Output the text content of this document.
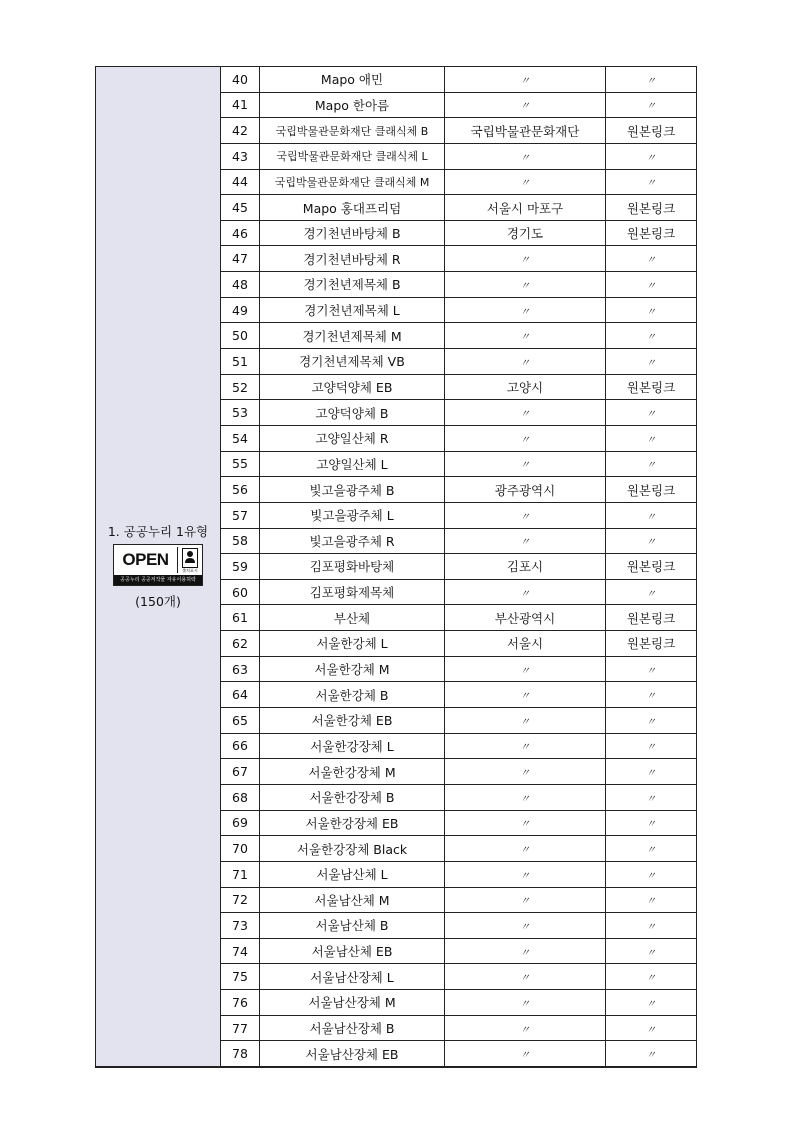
1. 공공누리 1유형
OPEN
출처표시
공공누리 공공저작물 자유이용허락
(150개)	40	Mapo 애민	〃	〃
	41	Mapo 한아름	〃	〃
	42	국립박물관문화재단 클래식체 B	국립박물관문화재단	원본링크
	43	국립박물관문화재단 클래식체 L	〃	〃
	44	국립박물관문화재단 클래식체 M	〃	〃
	45	Mapo 홍대프리덤	서울시 마포구	원본링크
	46	경기천년바탕체 B	경기도	원본링크
	47	경기천년바탕체 R	〃	〃
	48	경기천년제목체 B	〃	〃
	49	경기천년제목체 L	〃	〃
	50	경기천년제목체 M	〃	〃
	51	경기천년제목체 VB	〃	〃
	52	고양덕양체 EB	고양시	원본링크
	53	고양덕양체 B	〃	〃
	54	고양일산체 R	〃	〃
	55	고양일산체 L	〃	〃
	56	빛고을광주체 B	광주광역시	원본링크
	57	빛고을광주체 L	〃	〃
	58	빛고을광주체 R	〃	〃
	59	김포평화바탕체	김포시	원본링크
	60	김포평화제목체	〃	〃
	61	부산체	부산광역시	원본링크
	62	서울한강체 L	서울시	원본링크
	63	서울한강체 M	〃	〃
	64	서울한강체 B	〃	〃
	65	서울한강체 EB	〃	〃
	66	서울한강장체 L	〃	〃
	67	서울한강장체 M	〃	〃
	68	서울한강장체 B	〃	〃
	69	서울한강장체 EB	〃	〃
	70	서울한강장체 Black	〃	〃
	71	서울남산체 L	〃	〃
	72	서울남산체 M	〃	〃
	73	서울남산체 B	〃	〃
	74	서울남산체 EB	〃	〃
	75	서울남산장체 L	〃	〃
	76	서울남산장체 M	〃	〃
	77	서울남산장체 B	〃	〃
	78	서울남산장체 EB	〃	〃
